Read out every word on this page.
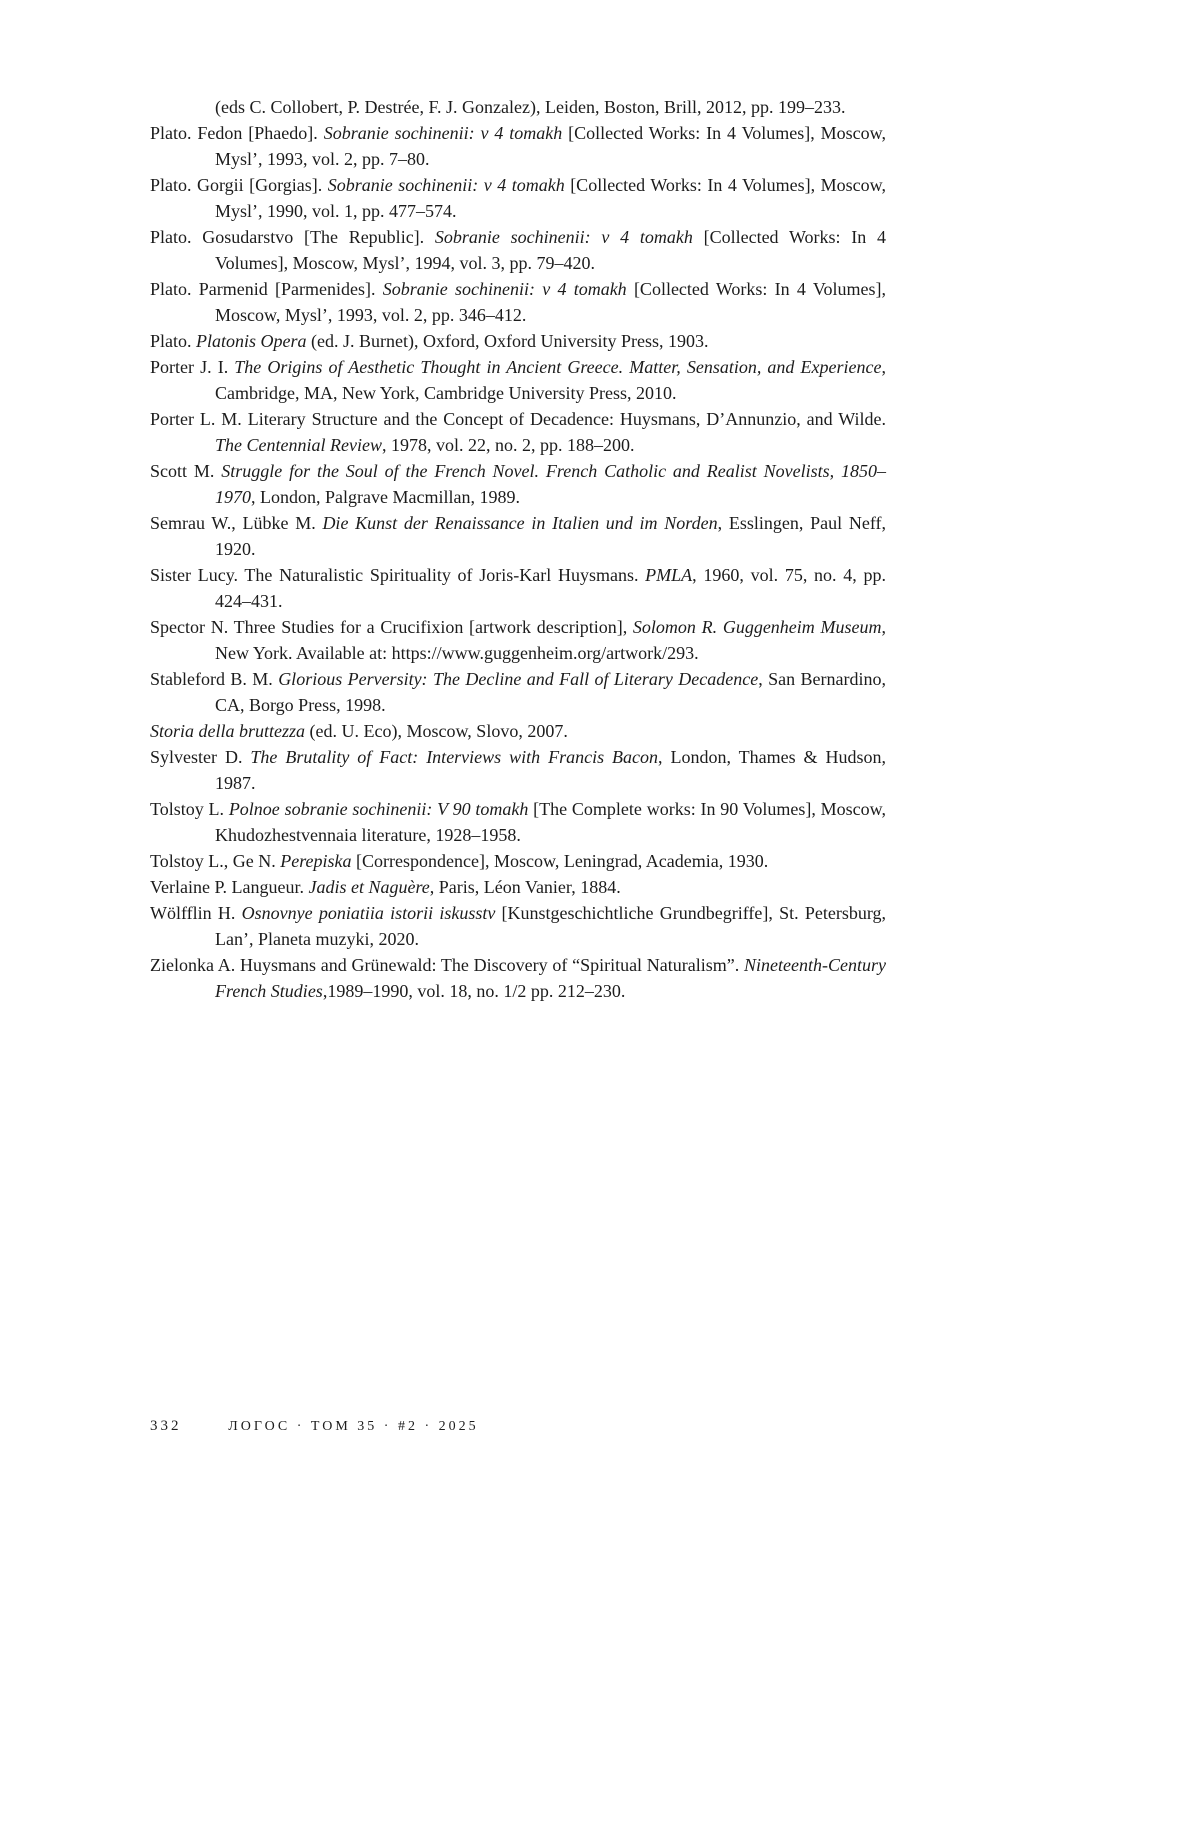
(eds C. Collobert, P. Destrée, F. J. Gonzalez), Leiden, Boston, Brill, 2012, pp. 199–233.

Plato. Fedon [Phaedo]. Sobranie sochinenii: v 4 tomakh [Collected Works: In 4 Volumes], Moscow, Mysl’, 1993, vol. 2, pp. 7–80.

Plato. Gorgii [Gorgias]. Sobranie sochinenii: v 4 tomakh [Collected Works: In 4 Volumes], Moscow, Mysl’, 1990, vol. 1, pp. 477–574.

Plato. Gosudarstvo [The Republic]. Sobranie sochinenii: v 4 tomakh [Collected Works: In 4 Volumes], Moscow, Mysl’, 1994, vol. 3, pp. 79–420.

Plato. Parmenid [Parmenides]. Sobranie sochinenii: v 4 tomakh [Collected Works: In 4 Volumes], Moscow, Mysl’, 1993, vol. 2, pp. 346–412.

Plato. Platonis Opera (ed. J. Burnet), Oxford, Oxford University Press, 1903.

Porter J. I. The Origins of Aesthetic Thought in Ancient Greece. Matter, Sensation, and Experience, Cambridge, MA, New York, Cambridge University Press, 2010.

Porter L. M. Literary Structure and the Concept of Decadence: Huysmans, D’Annunzio, and Wilde. The Centennial Review, 1978, vol. 22, no. 2, pp. 188–200.

Scott M. Struggle for the Soul of the French Novel. French Catholic and Realist Novelists, 1850–1970, London, Palgrave Macmillan, 1989.

Semrau W., Lübke M. Die Kunst der Renaissance in Italien und im Norden, Esslingen, Paul Neff, 1920.

Sister Lucy. The Naturalistic Spirituality of Joris-Karl Huysmans. PMLA, 1960, vol. 75, no. 4, pp. 424–431.

Spector N. Three Studies for a Crucifixion [artwork description], Solomon R. Guggenheim Museum, New York. Available at: https://www.guggenheim.org/artwork/293.

Stableford B. M. Glorious Perversity: The Decline and Fall of Literary Decadence, San Bernardino, CA, Borgo Press, 1998.

Storia della bruttezza (ed. U. Eco), Moscow, Slovo, 2007.

Sylvester D. The Brutality of Fact: Interviews with Francis Bacon, London, Thames & Hudson, 1987.

Tolstoy L. Polnoe sobranie sochinenii: V 90 tomakh [The Complete works: In 90 Volumes], Moscow, Khudozhestvennaia literature, 1928–1958.

Tolstoy L., Ge N. Perepiska [Correspondence], Moscow, Leningrad, Academia, 1930.

Verlaine P. Langueur. Jadis et Naguère, Paris, Léon Vanier, 1884.

Wölfflin H. Osnovnye poniatiia istorii iskusstv [Kunstgeschichtliche Grundbegriffe], St. Petersburg, Lan’, Planeta muzyki, 2020.

Zielonka A. Huysmans and Grünewald: The Discovery of “Spiritual Naturalism”. Nineteenth-Century French Studies,1989–1990, vol. 18, no. 1/2 pp. 212–230.

332	ЛОГОС · ТОМ 35 · #2 · 2025
